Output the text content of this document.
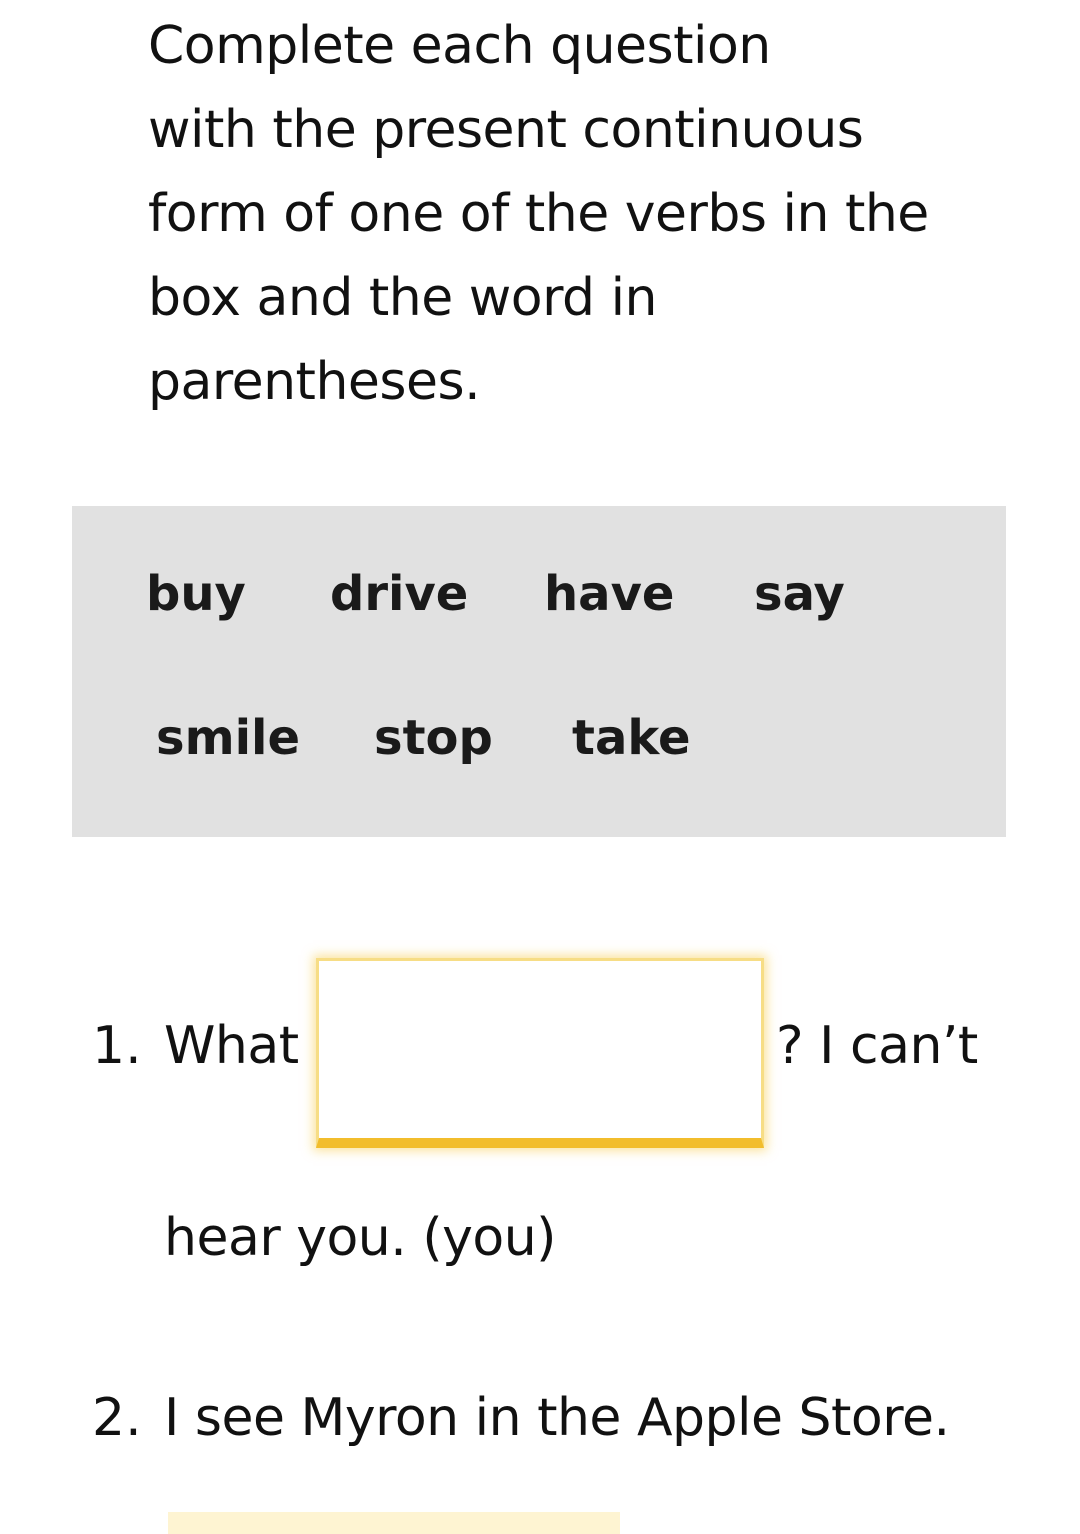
Complete each question
with the present continuous
form of one of the verbs in the
box and the word in
parentheses.
buy drive have say
smile stop take
1. What	? I can’t
hear you. (you)
2. I see Myron in the Apple Store.
